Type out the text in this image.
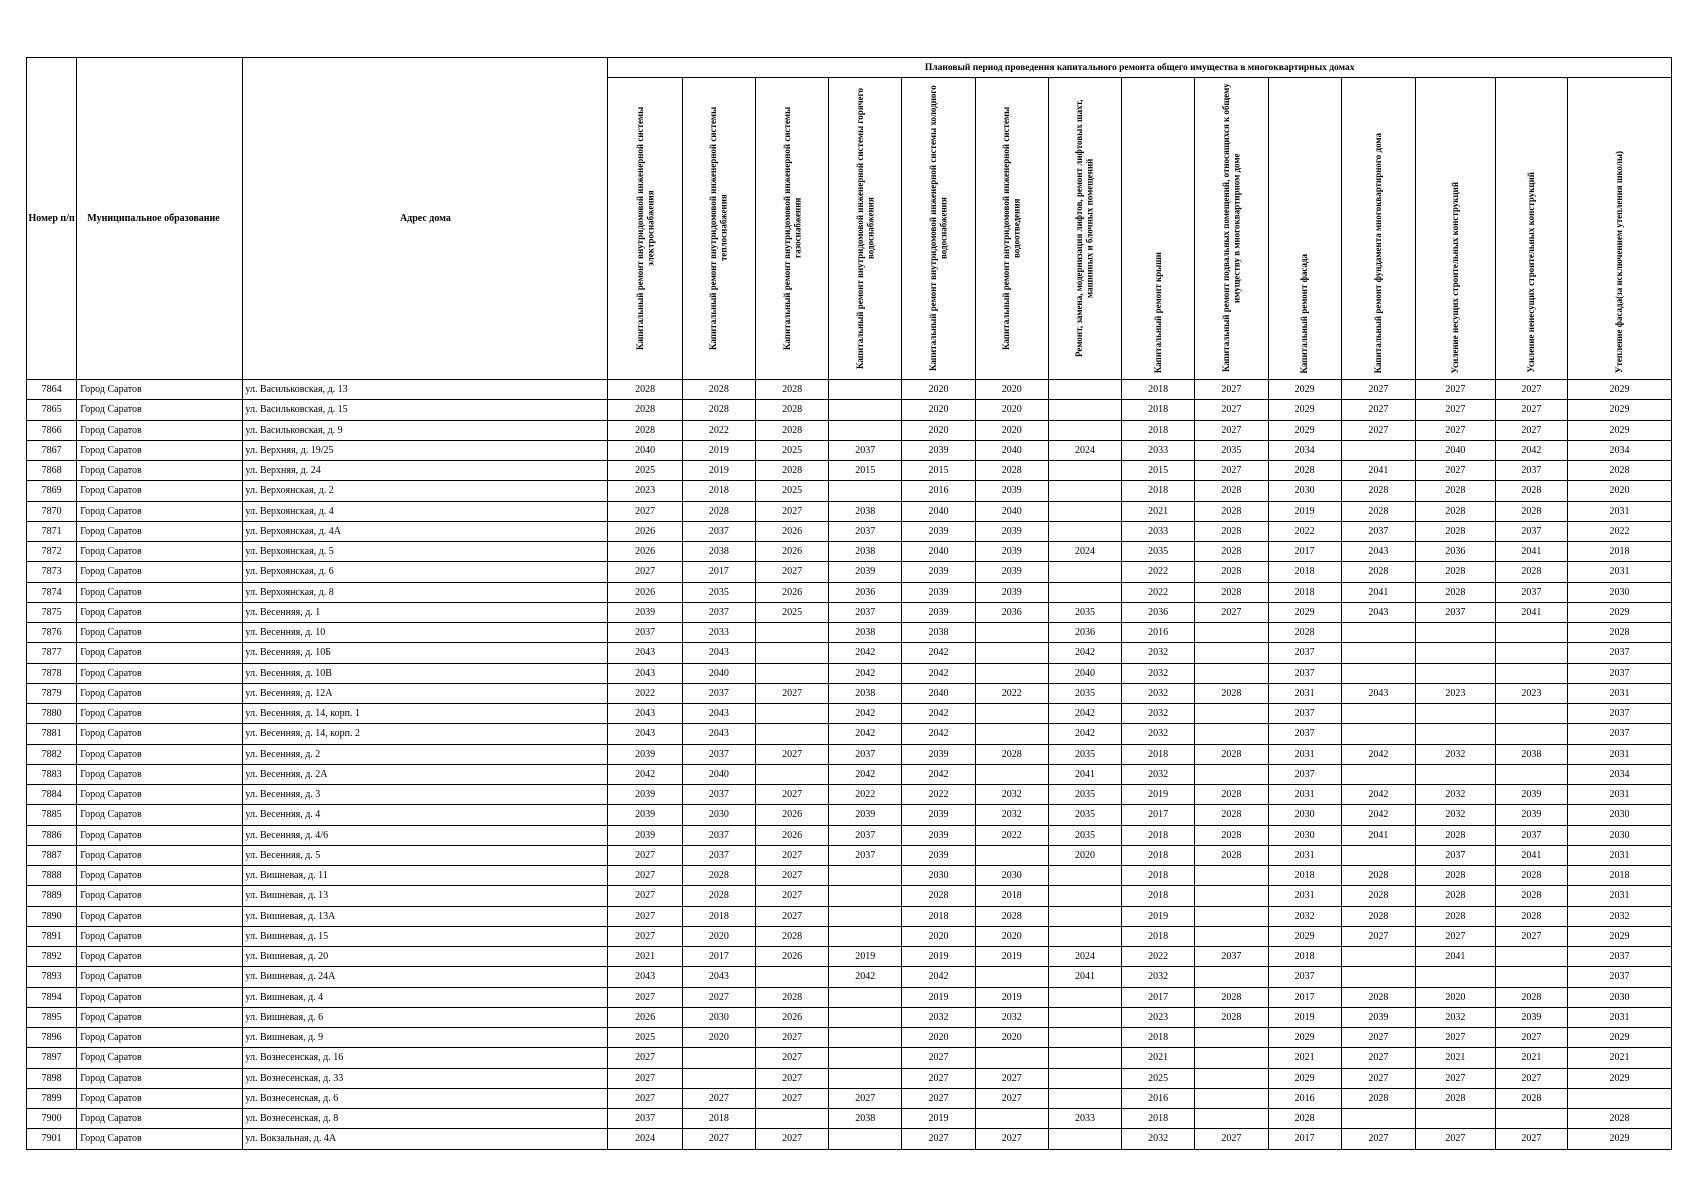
Номер п/п	Муниципальное образование	Адрес дома	Плановый период проведения капитального ремонта общего имущества в многоквартирных домах													

			Капитальный ремонт внутридомовой инженерной системы электроснабжения	Капитальный ремонт внутридомовой инженерной системы теплоснабжения	Капитальный ремонт внутридомовой инженерной системы газоснабжения	Капитальный ремонт внутридомовой инженерной системы горячего водоснабжения	Капитальный ремонт внутридомовой инженерной системы холодного водоснабжения	Капитальный ремонт внутридомовой инженерной системы водоотведения	Ремонт, замена, модернизация лифтов, ремонт лифтовых шахт, машинных и блочных помещений	Капитальный ремонт крыши	Капитальный ремонт подвальных помещений, относящихся к общему имуществу в многоквартирном доме	Капитальный ремонт фасада	Капитальный ремонт фундамента многоквартирного дома	Усиление несущих строительных конструкций	Усиление ненесущих строительных конструкций	Утепление фасада(за исключением утепления школы)

7864	Город Саратов	ул. Васильковская, д. 13	2028	2028	2028		2020	2020		2018	2027	2029	2027	2027	2027	2029
7865	Город Саратов	ул. Васильковская, д. 15	2028	2028	2028		2020	2020		2018	2027	2029	2027	2027	2027	2029
7866	Город Саратов	ул. Васильковская, д. 9	2028	2022	2028		2020	2020		2018	2027	2029	2027	2027	2027	2029
7867	Город Саратов	ул. Верхняя, д. 19/25	2040	2019	2025	2037	2039	2040	2024	2033	2035	2034		2040	2042	2034
7868	Город Саратов	ул. Верхняя, д. 24	2025	2019	2028	2015	2015	2028		2015	2027	2028	2041	2027	2037	2028
7869	Город Саратов	ул. Верхоянская, д. 2	2023	2018	2025		2016	2039		2018	2028	2030	2028	2028	2028	2020
7870	Город Саратов	ул. Верхоянская, д. 4	2027	2028	2027	2038	2040	2040		2021	2028	2019	2028	2028	2028	2031
7871	Город Саратов	ул. Верхоянская, д. 4А	2026	2037	2026	2037	2039	2039		2033	2028	2022	2037	2028	2037	2022
7872	Город Саратов	ул. Верхоянская, д. 5	2026	2038	2026	2038	2040	2039	2024	2035	2028	2017	2043	2036	2041	2018
7873	Город Саратов	ул. Верхоянская, д. 6	2027	2017	2027	2039	2039	2039		2022	2028	2018	2028	2028	2028	2031
7874	Город Саратов	ул. Верхоянская, д. 8	2026	2035	2026	2036	2039	2039		2022	2028	2018	2041	2028	2037	2030
7875	Город Саратов	ул. Весенняя, д. 1	2039	2037	2025	2037	2039	2036	2035	2036	2027	2029	2043	2037	2041	2029
7876	Город Саратов	ул. Весенняя, д. 10	2037	2033		2038	2038		2036	2016		2028				2028
7877	Город Саратов	ул. Весенняя, д. 10Б	2043	2043		2042	2042		2042	2032		2037				2037
7878	Город Саратов	ул. Весенняя, д. 10В	2043	2040		2042	2042		2040	2032		2037				2037
7879	Город Саратов	ул. Весенняя, д. 12А	2022	2037	2027	2038	2040	2022	2035	2032	2028	2031	2043	2023	2023	2031
7880	Город Саратов	ул. Весенняя, д. 14, корп. 1	2043	2043		2042	2042		2042	2032		2037				2037
7881	Город Саратов	ул. Весенняя, д. 14, корп. 2	2043	2043		2042	2042		2042	2032		2037				2037
7882	Город Саратов	ул. Весенняя, д. 2	2039	2037	2027	2037	2039	2028	2035	2018	2028	2031	2042	2032	2038	2031
7883	Город Саратов	ул. Весенняя, д. 2А	2042	2040		2042	2042		2041	2032		2037				2034
7884	Город Саратов	ул. Весенняя, д. 3	2039	2037	2027	2022	2022	2032	2035	2019	2028	2031	2042	2032	2039	2031
7885	Город Саратов	ул. Весенняя, д. 4	2039	2030	2026	2039	2039	2032	2035	2017	2028	2030	2042	2032	2039	2030
7886	Город Саратов	ул. Весенняя, д. 4/6	2039	2037	2026	2037	2039	2022	2035	2018	2028	2030	2041	2028	2037	2030
7887	Город Саратов	ул. Весенняя, д. 5	2027	2037	2027	2037	2039		2020	2018	2028	2031		2037	2041	2031
7888	Город Саратов	ул. Вишневая, д. 11	2027	2028	2027		2030	2030		2018		2018	2028	2028	2028	2018
7889	Город Саратов	ул. Вишневая, д. 13	2027	2028	2027		2028	2018		2018		2031	2028	2028	2028	2031
7890	Город Саратов	ул. Вишневая, д. 13А	2027	2018	2027		2018	2028		2019		2032	2028	2028	2028	2032
7891	Город Саратов	ул. Вишневая, д. 15	2027	2020	2028		2020	2020		2018		2029	2027	2027	2027	2029
7892	Город Саратов	ул. Вишневая, д. 20	2021	2017	2026	2019	2019	2019	2024	2022	2037	2018		2041		2037
7893	Город Саратов	ул. Вишневая, д. 24А	2043	2043		2042	2042		2041	2032		2037				2037
7894	Город Саратов	ул. Вишневая, д. 4	2027	2027	2028		2019	2019		2017	2028	2017	2028	2020	2028	2030
7895	Город Саратов	ул. Вишневая, д. 6	2026	2030	2026		2032	2032		2023	2028	2019	2039	2032	2039	2031
7896	Город Саратов	ул. Вишневая, д. 9	2025	2020	2027		2020	2020		2018		2029	2027	2027	2027	2029
7897	Город Саратов	ул. Вознесенская, д. 16	2027		2027		2027			2021		2021	2027	2021	2021	2021
7898	Город Саратов	ул. Вознесенская, д. 33	2027		2027		2027	2027		2025		2029	2027	2027	2027	2029
7899	Город Саратов	ул. Вознесенская, д. 6	2027	2027	2027	2027	2027	2027		2016		2016	2028	2028	2028	
7900	Город Саратов	ул. Вознесенская, д. 8	2037	2018		2038	2019		2033	2018		2028				2028
7901	Город Саратов	ул. Вокзальная, д. 4А	2024	2027	2027		2027	2027		2032	2027	2017	2027	2027	2027	2029
